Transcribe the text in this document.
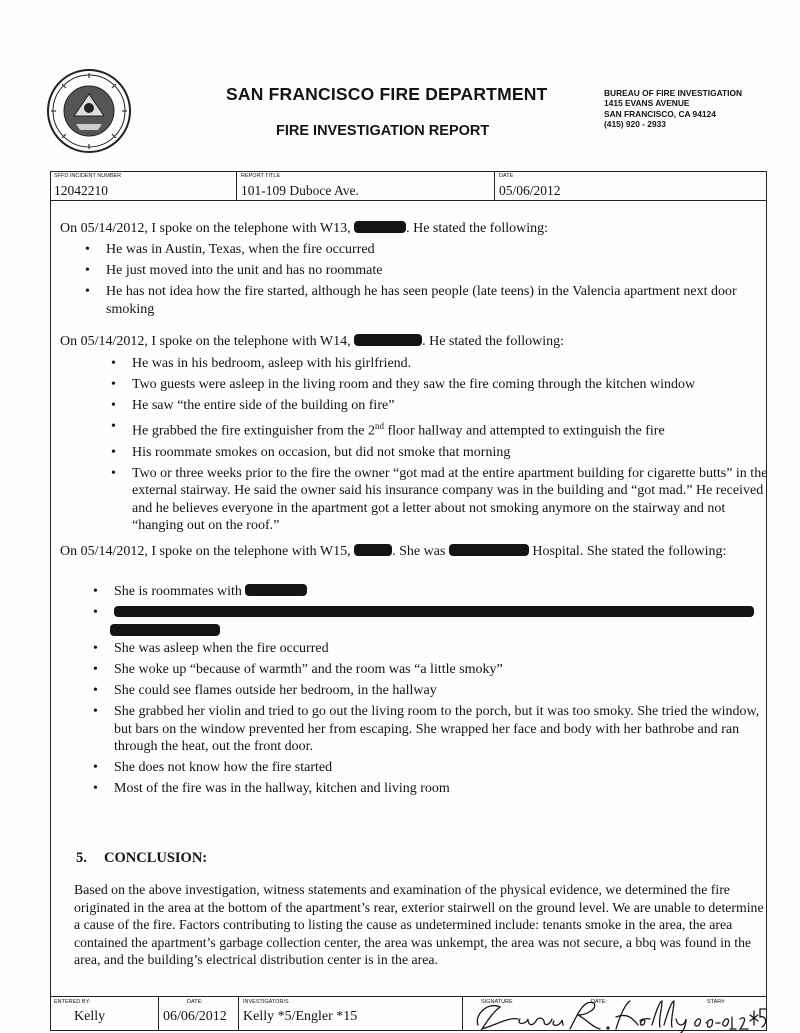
SAN FRANCISCO FIRE DEPARTMENT
FIRE INVESTIGATION REPORT
BUREAU OF FIRE INVESTIGATION
1415 EVANS AVENUE
SAN FRANCISCO, CA 94124
(415) 920 - 2933
SFFD INCIDENT NUMBER
12042210
REPORT TITLE
101-109 Duboce Ave.
DATE
05/06/2012
On 05/14/2012, I spoke on the telephone with W13,	. He stated the following:
• He was in Austin, Texas, when the fire occurred
• He just moved into the unit and has no roommate
• He has not idea how the fire started, although he has seen people (late teens) in the Valencia apartment next door smoking
On 05/14/2012, I spoke on the telephone with W14,	. He stated the following:
• He was in his bedroom, asleep with his girlfriend.
• Two guests were asleep in the living room and they saw the fire coming through the kitchen window
• He saw “the entire side of the building on fire”
• He grabbed the fire extinguisher from the 2nd floor hallway and attempted to extinguish the fire
• His roommate smokes on occasion, but did not smoke that morning
• Two or three weeks prior to the fire the owner “got mad at the entire apartment building for cigarette butts” in the external stairway. He said the owner said his insurance company was in the building and “got mad.” He received and he believes everyone in the apartment got a letter about not smoking anymore on the stairway and not “hanging out on the roof.”
On 05/14/2012, I spoke on the telephone with W15,	. She was	Hospital. She stated the following:
• She is roommates with
•
• She was asleep when the fire occurred
• She woke up “because of warmth” and the room was “a little smoky”
• She could see flames outside her bedroom, in the hallway
• She grabbed her violin and tried to go out the living room to the porch, but it was too smoky. She tried the window, but bars on the window prevented her from escaping. She wrapped her face and body with her bathrobe and ran through the heat, out the front door.
• She does not know how the fire started
• Most of the fire was in the hallway, kitchen and living room
5. CONCLUSION:
Based on the above investigation, witness statements and examination of the physical evidence, we determined the fire originated in the area at the bottom of the apartment’s rear, exterior stairwell on the ground level. We are unable to determine a cause of the fire. Factors contributing to listing the cause as undetermined include: tenants smoke in the area, the area contained the apartment’s garbage collection center, the area was unkempt, the area was not secure, a bbq was found in the area, and the building’s electrical distribution center is in the area.
ENTERED BY:
Kelly
DATE:
06/06/2012
INVESTIGATOR/S
Kelly *5/Engler *15
SIGNATURE	DATE:	STAR#
